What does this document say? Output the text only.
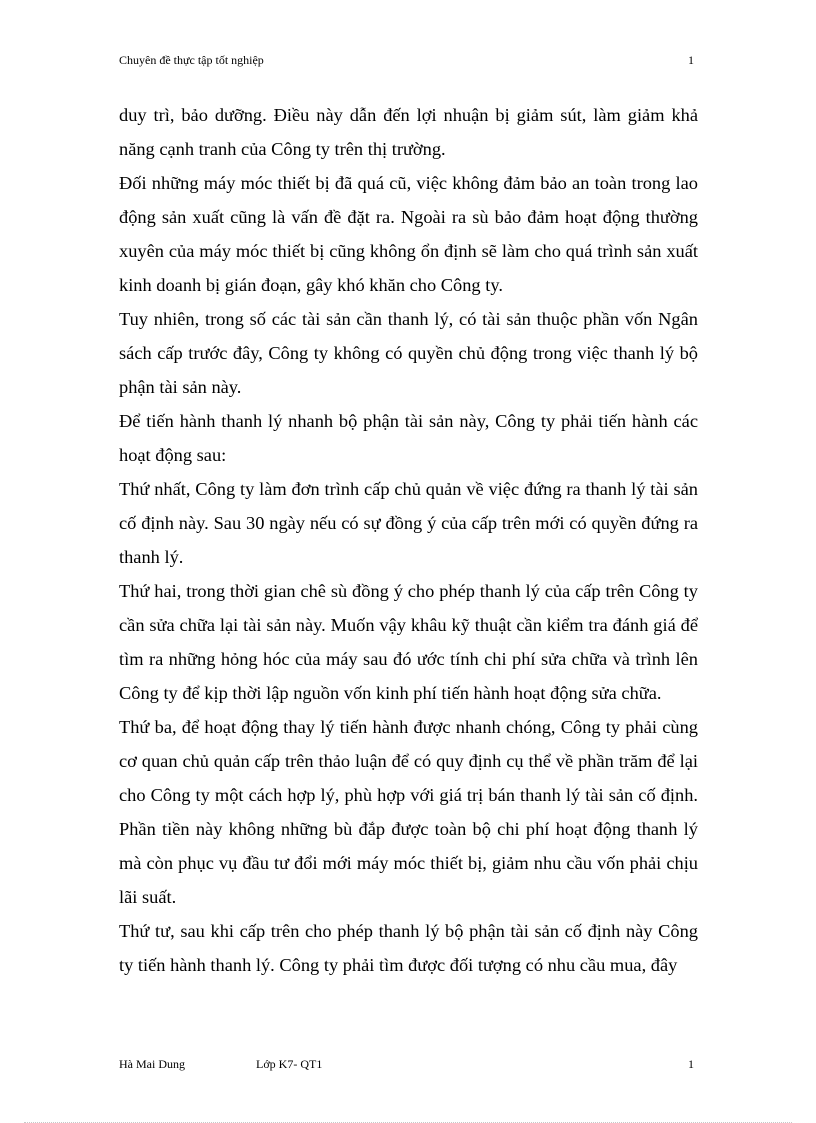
Chuyên đề thực tập tốt nghiệp	1

duy trì, bảo dưỡng. Điều này dẫn đến lợi nhuận bị giảm sút, làm giảm khả năng cạnh tranh của Công ty trên thị trường.

Đối những máy móc thiết bị đã quá cũ, việc không đảm bảo an toàn trong lao động sản xuất cũng là vấn đề đặt ra. Ngoài ra sù bảo đảm hoạt động thường xuyên của máy móc thiết bị cũng không ổn định sẽ làm cho quá trình sản xuất kinh doanh bị gián đoạn, gây khó khăn cho Công ty.

Tuy nhiên, trong số các tài sản cần thanh lý, có tài sản thuộc phần vốn Ngân sách cấp trước đây, Công ty không có quyền chủ động trong việc thanh lý bộ phận tài sản này.

Để tiến hành thanh lý nhanh bộ phận tài sản này, Công ty phải tiến hành các hoạt động sau:

Thứ nhất, Công ty làm đơn trình cấp chủ quản về việc đứng ra thanh lý tài sản cố định này. Sau 30 ngày nếu có sự đồng ý của cấp trên mới có quyền đứng ra thanh lý.

Thứ hai, trong thời gian chê sù đồng ý cho phép thanh lý của cấp trên Công ty cần sửa chữa lại tài sản này. Muốn vậy khâu kỹ thuật cần kiểm tra đánh giá để tìm ra những hỏng hóc của máy sau đó ước tính chi phí sửa chữa và trình lên Công ty để kịp thời lập nguồn vốn kinh phí tiến hành hoạt động sửa chữa.

Thứ ba, để hoạt động thay lý tiến hành được nhanh chóng, Công ty phải cùng cơ quan chủ quản cấp trên thảo luận để có quy định cụ thể về phần trăm để lại cho Công ty một cách hợp lý, phù hợp với giá trị bán thanh lý tài sản cố định. Phần tiền này không những bù đắp được toàn bộ chi phí hoạt động thanh lý mà còn phục vụ đầu tư đổi mới máy móc thiết bị, giảm nhu cầu vốn phải chịu lãi suất.

Thứ tư, sau khi cấp trên cho phép thanh lý bộ phận tài sản cố định này Công ty tiến hành thanh lý. Công ty phải tìm được đối tượng có nhu cầu mua, đây

Hà Mai Dung	Lớp K7- QT1	1
